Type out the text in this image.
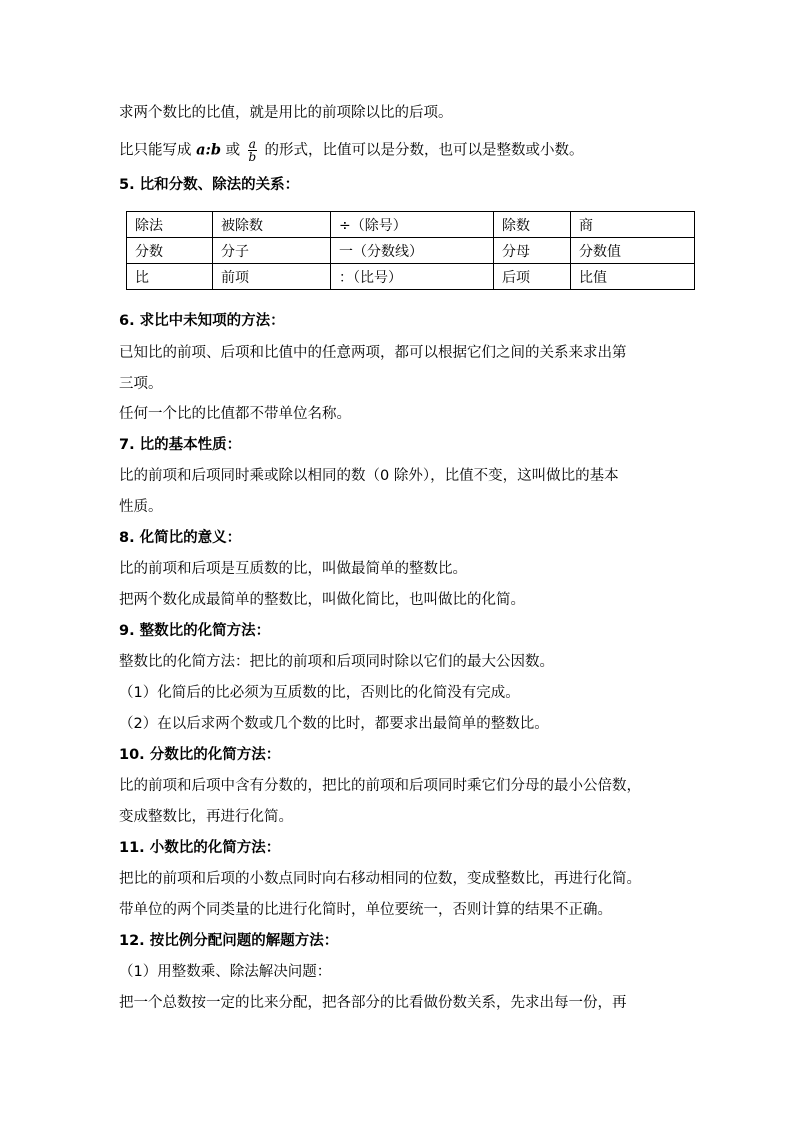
求两个数比的比值，就是用比的前项除以比的后项。
比只能写成 a:b 或 $\frac{a}{b}$ 的形式，比值可以是分数，也可以是整数或小数。
5. 比和分数、除法的关系：
除法	被除数	÷（除号）	除数	商
分数	分子	一（分数线）	分母	分数值
比	前项	：（比号）	后项	比值
6. 求比中未知项的方法：
已知比的前项、后项和比值中的任意两项，都可以根据它们之间的关系来求出第
三项。
任何一个比的比值都不带单位名称。
7. 比的基本性质：
比的前项和后项同时乘或除以相同的数（0 除外），比值不变，这叫做比的基本
性质。
8. 化简比的意义：
比的前项和后项是互质数的比，叫做最简单的整数比。
把两个数化成最简单的整数比，叫做化简比，也叫做比的化简。
9. 整数比的化简方法：
整数比的化简方法：把比的前项和后项同时除以它们的最大公因数。
（1）化简后的比必须为互质数的比，否则比的化简没有完成。
（2）在以后求两个数或几个数的比时，都要求出最简单的整数比。
10. 分数比的化简方法：
比的前项和后项中含有分数的，把比的前项和后项同时乘它们分母的最小公倍数，
变成整数比，再进行化简。
11. 小数比的化简方法：
把比的前项和后项的小数点同时向右移动相同的位数，变成整数比，再进行化简。
带单位的两个同类量的比进行化简时，单位要统一，否则计算的结果不正确。
12. 按比例分配问题的解题方法：
（1）用整数乘、除法解决问题：
把一个总数按一定的比来分配，把各部分的比看做份数关系，先求出每一份，再
